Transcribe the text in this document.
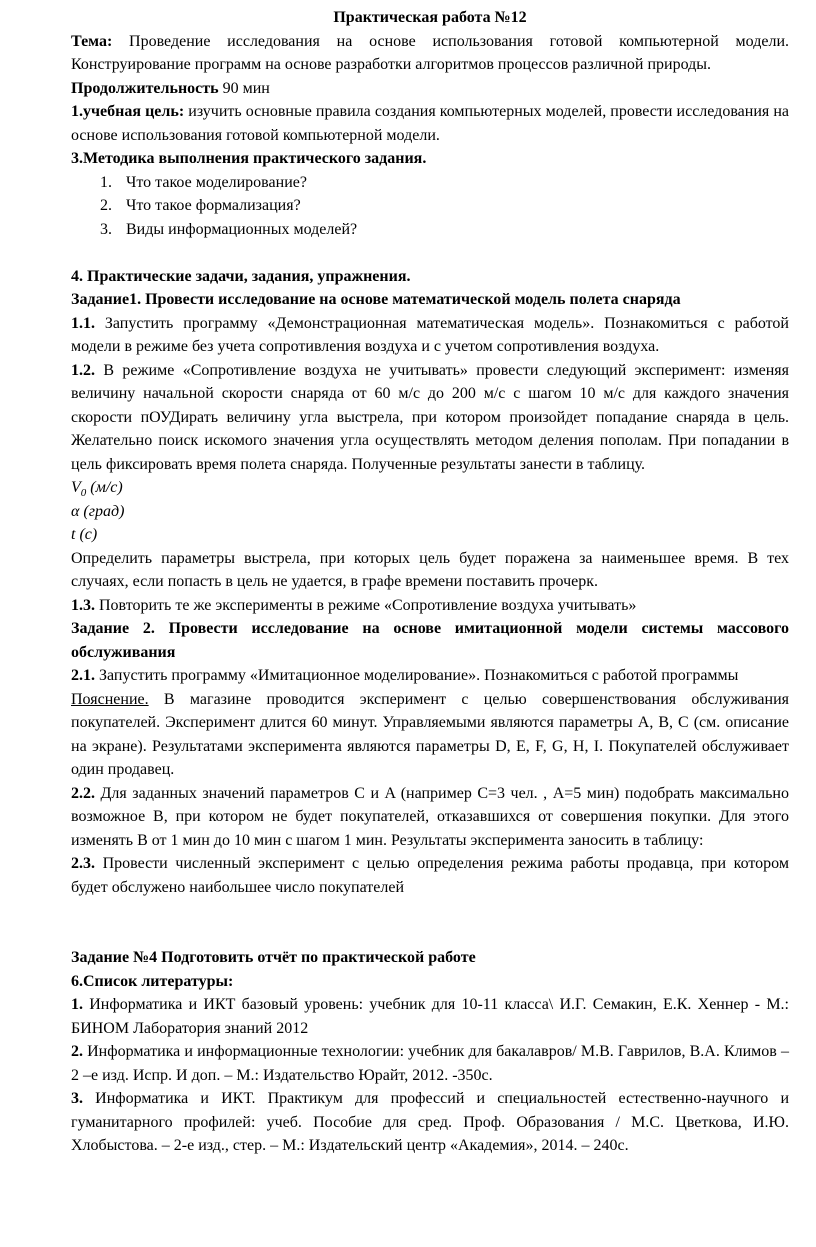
Практическая работа №12

Тема: Проведение исследования на основе использования готовой компьютерной модели. Конструирование программ на основе разработки алгоритмов процессов различной природы.

Продолжительность 90 мин

1.учебная цель: изучить основные правила создания компьютерных моделей, провести исследования на основе использования готовой компьютерной модели.

3.Методика выполнения практического задания.

1. Что такое моделирование?

2. Что такое формализация?

3. Виды информационных моделей?

4. Практические задачи, задания, упражнения.

Задание1. Провести исследование на основе математической модель полета снаряда

1.1. Запустить программу «Демонстрационная математическая модель». Познакомиться с работой модели в режиме без учета сопротивления воздуха и с учетом сопротивления воздуха.

1.2. В режиме «Сопротивление воздуха не учитывать» провести следующий эксперимент: изменяя величину начальной скорости снаряда от 60 м/с до 200 м/с с шагом 10 м/с для каждого значения скорости пОУДирать величину угла выстрела, при котором произойдет попадание снаряда в цель. Желательно поиск искомого значения угла осуществлять методом деления пополам. При попадании в цель фиксировать время полета снаряда. Полученные результаты занести в таблицу.

$V_0$ (м/с)

α (град)

t (с)

Определить параметры выстрела, при которых цель будет поражена за наименьшее время. В тех случаях, если попасть в цель не удается, в графе времени поставить прочерк.

1.3. Повторить те же эксперименты в режиме «Сопротивление воздуха учитывать»

Задание 2. Провести исследование на основе имитационной модели системы массового обслуживания

2.1. Запустить программу «Имитационное моделирование». Познакомиться с работой программы

Пояснение. В магазине проводится эксперимент с целью совершенствования обслуживания покупателей. Эксперимент длится 60 минут. Управляемыми являются параметры A, B, C (см. описание на экране). Результатами эксперимента являются параметры D, E, F, G, H, I. Покупателей обслуживает один продавец.

2.2. Для заданных значений параметров C и A (например C=3 чел. , A=5 мин) подобрать максимально возможное B, при котором не будет покупателей, отказавшихся от совершения покупки. Для этого изменять B от 1 мин до 10 мин с шагом 1 мин. Результаты эксперимента заносить в таблицу:

2.3. Провести численный эксперимент с целью определения режима работы продавца, при котором будет обслужено наибольшее число покупателей

Задание №4 Подготовить отчёт по практической работе

6.Список литературы:

1. Информатика и ИКТ базовый уровень: учебник для 10-11 класса\ И.Г. Семакин, Е.К. Хеннер - М.: БИНОМ Лаборатория знаний 2012

2. Информатика и информационные технологии: учебник для бакалавров/ М.В. Гаврилов, В.А. Климов – 2 –е изд. Испр. И доп. – М.: Издательство Юрайт, 2012. -350с.

3. Информатика и ИКТ. Практикум для профессий и специальностей естественно-научного и гуманитарного профилей: учеб. Пособие для сред. Проф. Образования / М.С. Цветкова, И.Ю. Хлобыстова. – 2-е изд., стер. – М.: Издательский центр «Академия», 2014. – 240с.
